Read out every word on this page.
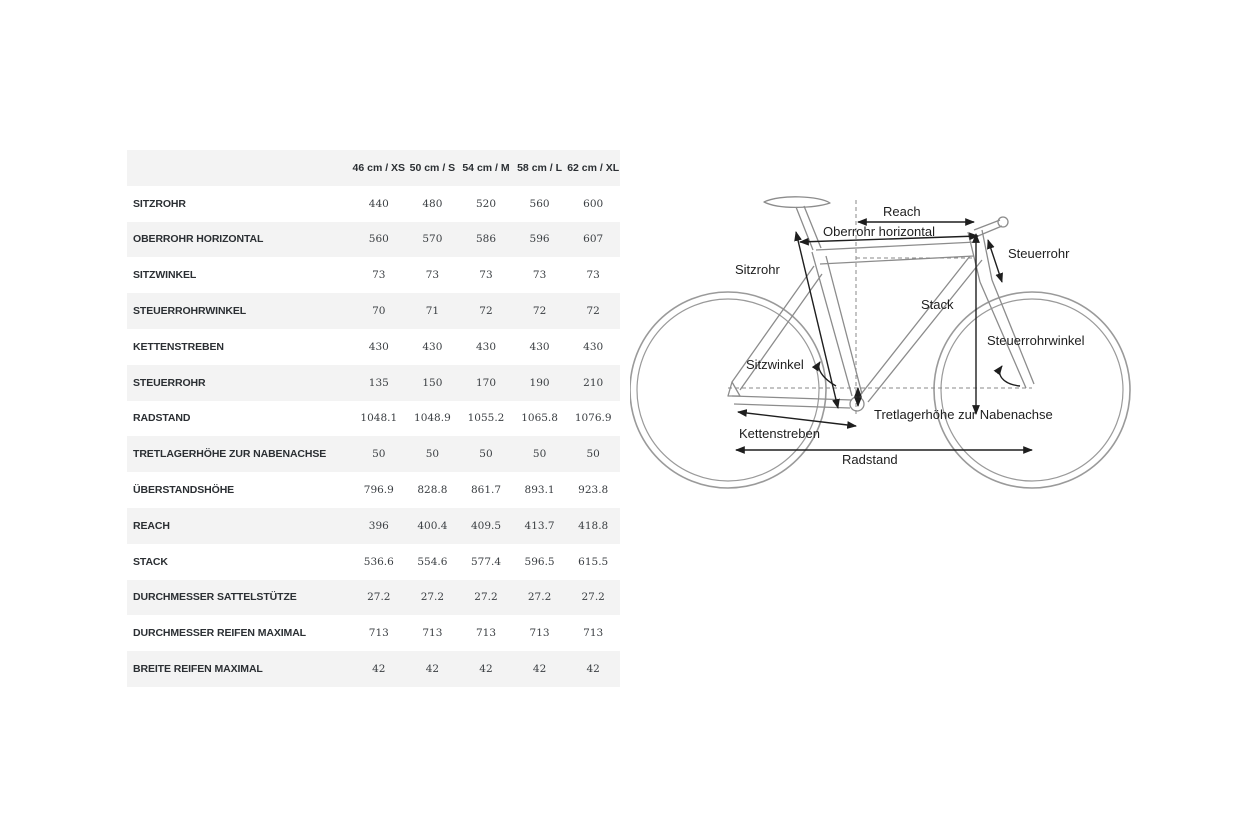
	46 cm / XS	50 cm / S	54 cm / M	58 cm / L	62 cm / XL
SITZROHR	440	480	520	560	600
OBERROHR HORIZONTAL	560	570	586	596	607
SITZWINKEL	73	73	73	73	73
STEUERROHRWINKEL	70	71	72	72	72
KETTENSTREBEN	430	430	430	430	430
STEUERROHR	135	150	170	190	210
RADSTAND	1048.1	1048.9	1055.2	1065.8	1076.9
TRETLAGERHÖHE ZUR NABENACHSE	50	50	50	50	50
ÜBERSTANDSHÖHE	796.9	828.8	861.7	893.1	923.8
REACH	396	400.4	409.5	413.7	418.8
STACK	536.6	554.6	577.4	596.5	615.5
DURCHMESSER SATTELSTÜTZE	27.2	27.2	27.2	27.2	27.2
DURCHMESSER REIFEN MAXIMAL	713	713	713	713	713
BREITE REIFEN MAXIMAL	42	42	42	42	42
Reach
Oberrohr horizontal
Steuerrohr
Sitzrohr
Stack
Steuerrohrwinkel
Sitzwinkel
Tretlagerhöhe zur Nabenachse
Kettenstreben
Radstand
